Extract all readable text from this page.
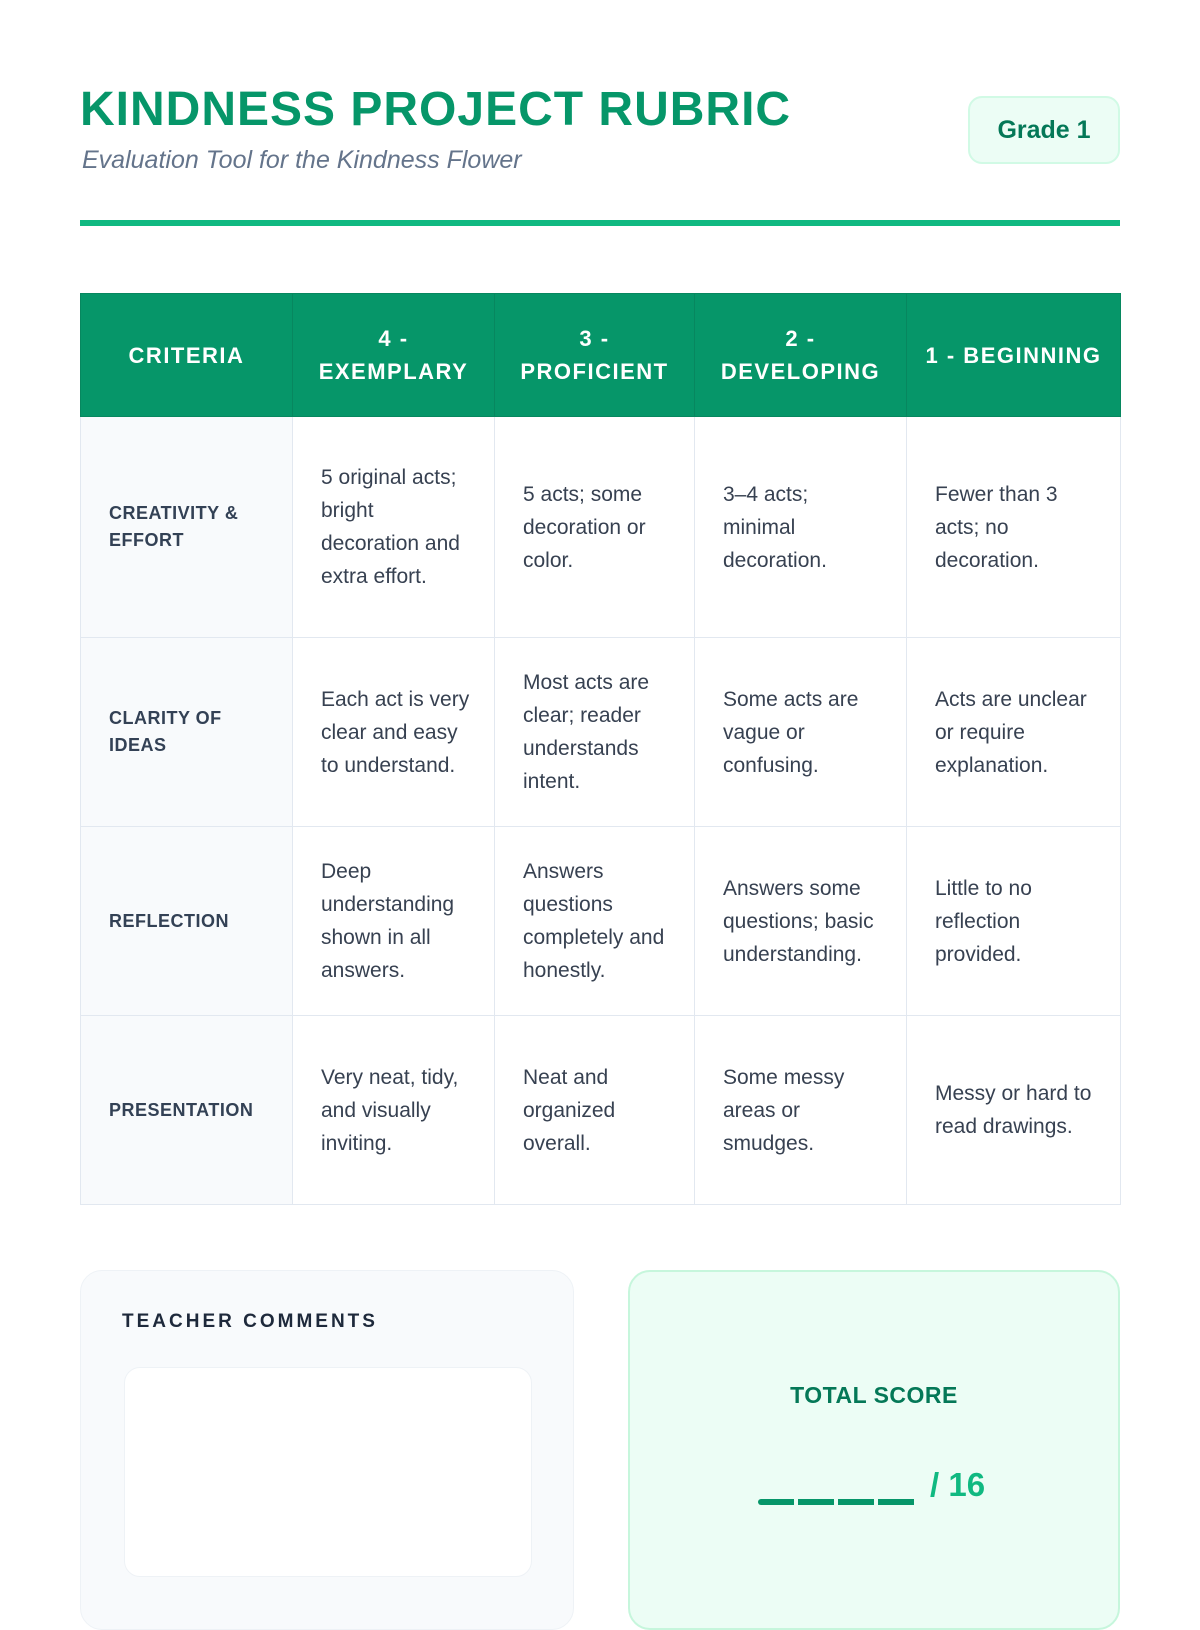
KINDNESS PROJECT RUBRIC
Evaluation Tool for the Kindness Flower
Grade 1
CRITERIA	4 - EXEMPLARY	3 - PROFICIENT	2 - DEVELOPING	1 - BEGINNING
CREATIVITY & EFFORT	5 original acts; bright decoration and extra effort.	5 acts; some decoration or color.	3–4 acts; minimal decoration.	Fewer than 3 acts; no decoration.
CLARITY OF IDEAS	Each act is very clear and easy to understand.	Most acts are clear; reader understands intent.	Some acts are vague or confusing.	Acts are unclear or require explanation.
REFLECTION	Deep understanding shown in all answers.	Answers questions completely and honestly.	Answers some questions; basic understanding.	Little to no reflection provided.
PRESENTATION	Very neat, tidy, and visually inviting.	Neat and organized overall.	Some messy areas or smudges.	Messy or hard to read drawings.
TEACHER COMMENTS
TOTAL SCORE
/ 16
